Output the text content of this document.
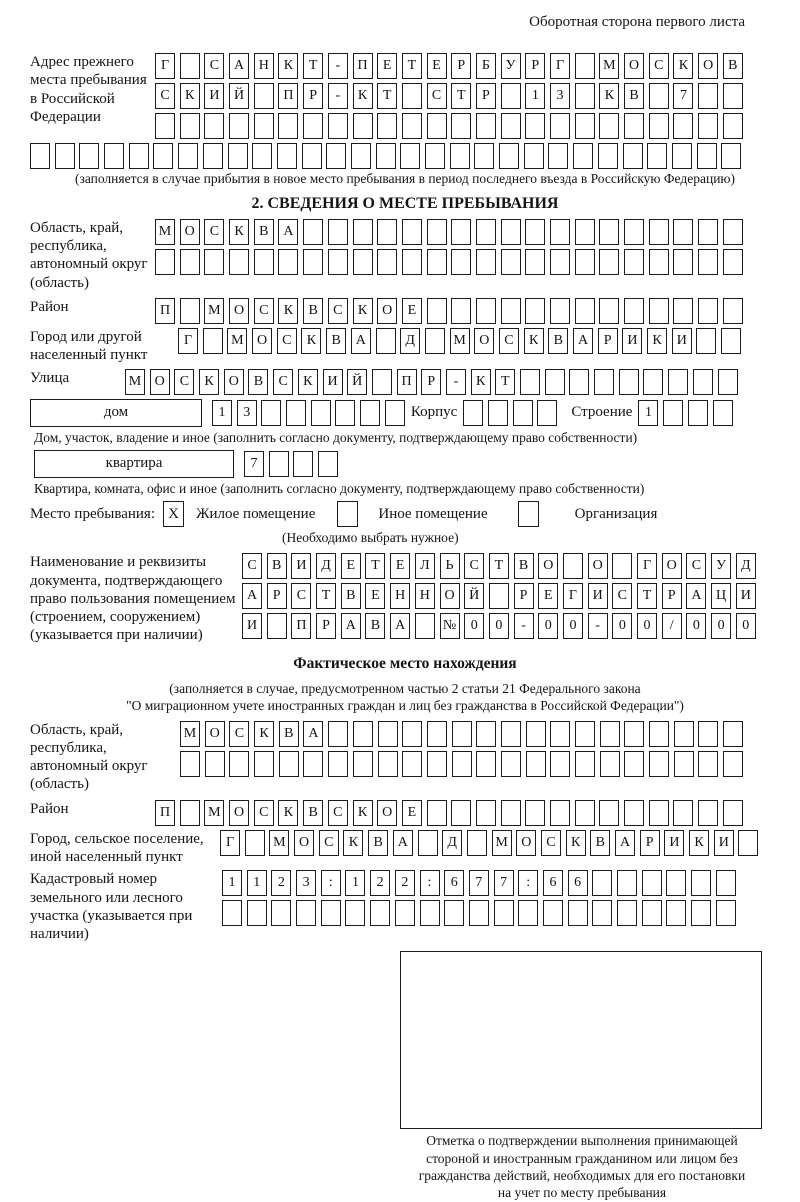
Оборотная сторона первого листа
Адрес прежнего места пребывания в Российской Федерации
Г	С	А	Н	К	Т	-	П	Е	Т	Е	Р	Б	У	Р	Г	М О	С	К	О	В
С	К	И	Й	П	Р	-	К	Т	С	Т	Р	1	3	К	В	7
(заполняется в случае прибытия в новое место пребывания в период последнего въезда в Российскую Федерацию)
2. СВЕДЕНИЯ О МЕСТЕ ПРЕБЫВАНИЯ
Область, край, республика, автономный округ (область)
М О	С	К	В	А
Район	П	М О	С	К	В	С	К	О	Е
Город или другой населенный пункт
Г	М О	С	К	В	А	Д	М О	С	К	В	А	Р	И	К	И
Улица	М О	С	К	О	В	С	К	И	Й	П	Р	-	К	Т
дом	1	3	Корпус	Строение 1
Дом, участок, владение и иное (заполнить согласно документу, подтверждающему право собственности)
квартира	7
Квартира, комната, офис и иное (заполнить согласно документу, подтверждающему право собственности)
Место пребывания: X	Жилое помещение	Иное помещение	Организация
(Необходимо выбрать нужное)
Наименование и реквизиты документа, подтверждающего право пользования помещением (строением, сооружением) (указывается при наличии)
С	В	И	Д	Е	Т	Е	Л	Ь	С	Т	В	О	О	Г	О	С	У	Д
А	Р	С	Т	В	Е	Н	Н	О	Й	Р	Е	Г	И	С	Т	Р	А	Ц	И
И	П	Р	А	В	А	№	0	0	-	0	0	-	0	0	/	0	0	0
Фактическое место нахождения
(заполняется в случае, предусмотренном частью 2 статьи 21 Федерального закона
"О миграционном учете иностранных граждан и лиц без гражданства в Российской Федерации")
Область, край, республика, автономный округ (область)
М О	С	К	В	А
Район	П	М О	С	К	В	С	К	О	Е
Город, сельское поселение, иной населенный пункт
Г	М О	С	К	В	А	Д	М О	С	К	В	А	Р	И	К	И
Кадастровый номер земельного или лесного участка (указывается при наличии)
1	1	2	3	:	1	2	2	:	6	7	7	:	6	6
Отметка о подтверждении выполнения принимающей
стороной и иностранным гражданином или лицом без
гражданства действий, необходимых для его постановки
на учет по месту пребывания
